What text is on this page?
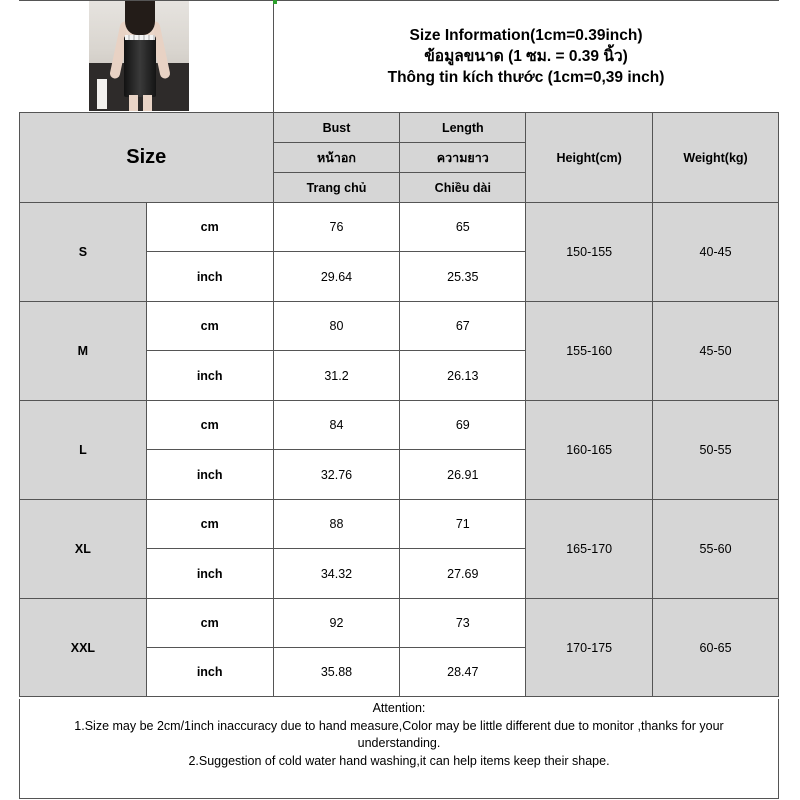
Size Information(1cm=0.39inch)
ข้อมูลขนาด (1 ซม. = 0.39 นิ้ว)
Thông tin kích thước (1cm=0,39 inch)
Size		Bust	Length	Height(cm)	Weight(kg)
		หน้าอก	ความยาว		
		Trang chủ	Chiều dài		
S	cm	76	65	150-155	40-45
	inch	29.64	25.35		
M	cm	80	67	155-160	45-50
	inch	31.2	26.13		
L	cm	84	69	160-165	50-55
	inch	32.76	26.91		
XL	cm	88	71	165-170	55-60
	inch	34.32	27.69		
XXL	cm	92	73	170-175	60-65
	inch	35.88	28.47		
Attention:
1.Size may be 2cm/1inch inaccuracy due to hand measure,Color may be little different due to monitor ,thanks for your understanding.
2.Suggestion of cold water hand washing,it can help items keep their shape.
